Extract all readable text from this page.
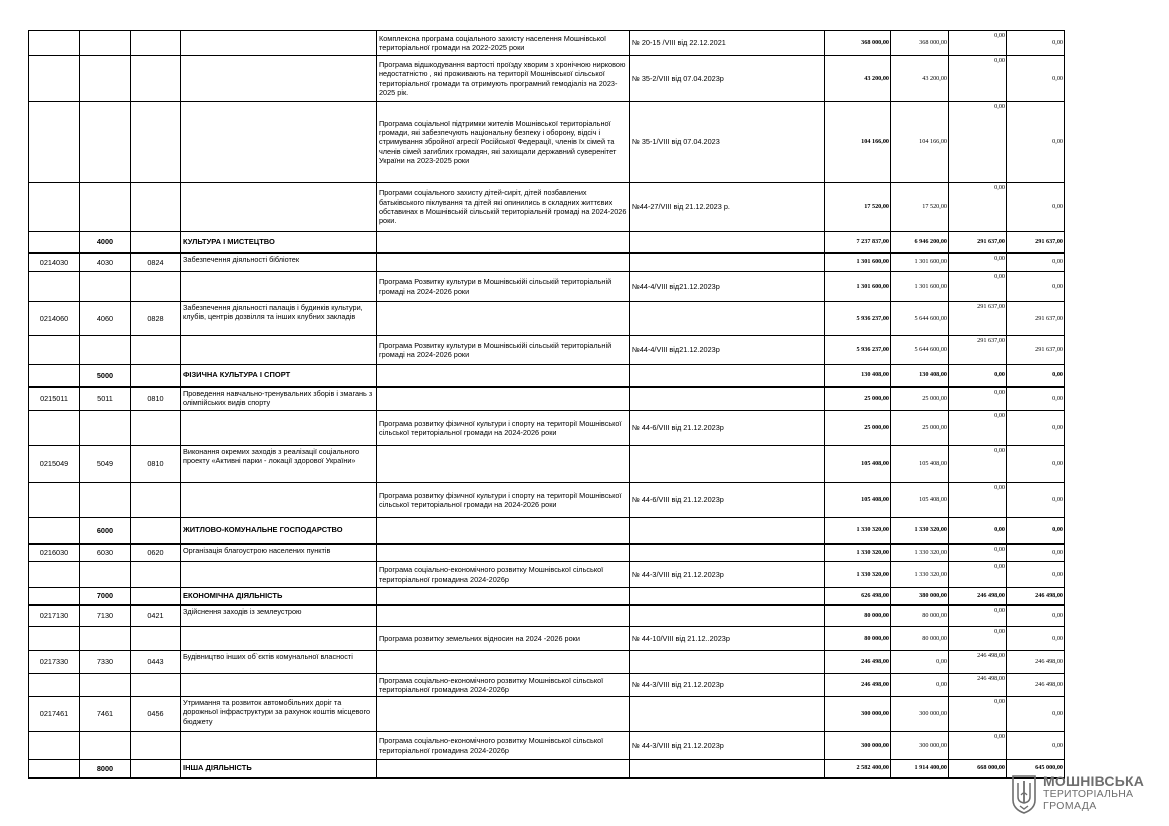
				Комплексна програма соціального захисту населення Мошнівської територіальної громади на 2022-2025 роки	№ 20-15 /VIII від 22.12.2021	368 000,00	368 000,00	0,00	0,00
				Програма відшкодування вартості проїзду хворим з хронічною нирковою недостатністю , які проживають на території Мошнівської сільської територіальної громади та отримують програмний гемодіаліз на 2023-2025 рік.	№ 35-2/VIII від 07.04.2023р	43 200,00	43 200,00	0,00	0,00
				Програма соціальної підтримки жителів Мошнівської територіальної громади, які забезпечують національну безпеку і оборону, відсіч і стримування збройної агресії Російської Федерації, членів їх сімей та членів сімей загиблих громадян, які захищали державний суверенітет України на 2023-2025 роки	№ 35-1/VIII від 07.04.2023	104 166,00	104 166,00	0,00	0,00
				Програми соціального захисту дітей-сиріт, дітей позбавлених батьківського піклування та дітей які опинились в складних життєвих обставинах в Мошнівській сільській територіальній громаді на 2024-2026 роки.	№44-27/VIII від 21.12.2023 р.	17 520,00	17 520,00	0,00	0,00
	4000		КУЛЬТУРА І МИСТЕЦТВО			7 237 837,00	6 946 200,00	291 637,00	291 637,00
0214030	4030	0824	Забезпечення діяльності бібліотек			1 301 600,00	1 301 600,00	0,00	0,00
				Програма Розвитку культури в Мошнівськійі сільській територіальній громаді на 2024-2026 роки	№44-4/VIII від21.12.2023р	1 301 600,00	1 301 600,00	0,00	0,00
0214060	4060	0828	Забезпечення діяльності палаців і будинків культури, клубів, центрів дозвілля та інших клубних закладів			5 936 237,00	5 644 600,00	291 637,00	291 637,00
				Програма Розвитку культури в Мошнівськійі сільській територіальній громаді на 2024-2026 роки	№44-4/VIII від21.12.2023р	5 936 237,00	5 644 600,00	291 637,00	291 637,00
	5000		ФІЗИЧНА КУЛЬТУРА І СПОРТ			130 408,00	130 408,00	0,00	0,00
0215011	5011	0810	Проведення навчально-тренувальних зборів і змагань з олімпійських видів спорту			25 000,00	25 000,00	0,00	0,00
				Програма розвитку фізичної культури і спорту на території Мошнівської сільської територіальної громади на 2024-2026 роки	№ 44-6/VIII від 21.12.2023р	25 000,00	25 000,00	0,00	0,00
0215049	5049	0810	Виконання окремих заходів з реалізації соціального проекту «Активні парки - локації здорової України»			105 408,00	105 408,00	0,00	0,00
				Програма розвитку фізичної культури і спорту на території Мошнівської сільської територіальної громади на 2024-2026 роки	№ 44-6/VIII від 21.12.2023р	105 408,00	105 408,00	0,00	0,00
	6000		ЖИТЛОВО-КОМУНАЛЬНЕ ГОСПОДАРСТВО			1 330 320,00	1 330 320,00	0,00	0,00
0216030	6030	0620	Організація благоустрою населених пунктів			1 330 320,00	1 330 320,00	0,00	0,00
				Програма соціально-економічного розвитку Мошнівської сільської територіальної громадина 2024-2026р	№ 44-3/VIII від 21.12.2023р	1 330 320,00	1 330 320,00	0,00	0,00
	7000		ЕКОНОМІЧНА ДІЯЛЬНІСТЬ			626 498,00	380 000,00	246 498,00	246 498,00
0217130	7130	0421	Здійснення заходів із землеустрою			80 000,00	80 000,00	0,00	0,00
				Програма розвитку земельних відносин на 2024 -2026 роки	№ 44-10/VIII від 21.12..2023р	80 000,00	80 000,00	0,00	0,00
0217330	7330	0443	Будівництво інших об`єктів комунальної власності			246 498,00	0,00	246 498,00	246 498,00
				Програма соціально-економічного розвитку Мошнівської сільської територіальної громадина 2024-2026р	№ 44-3/VIII від 21.12.2023р	246 498,00	0,00	246 498,00	246 498,00
0217461	7461	0456	Утримання та розвиток автомобільних доріг та дорожньої інфраструктури за рахунок коштів місцевого бюджету			300 000,00	300 000,00	0,00	0,00
				Програма соціально-економічного розвитку Мошнівської сільської територіальної громадина 2024-2026р	№ 44-3/VIII від 21.12.2023р	300 000,00	300 000,00	0,00	0,00
	8000		ІНША ДІЯЛЬНІСТЬ			2 582 400,00	1 914 400,00	668 000,00	645 000,00
МОШНІВСЬКА
ТЕРИТОРІАЛЬНА
ГРОМАДА
